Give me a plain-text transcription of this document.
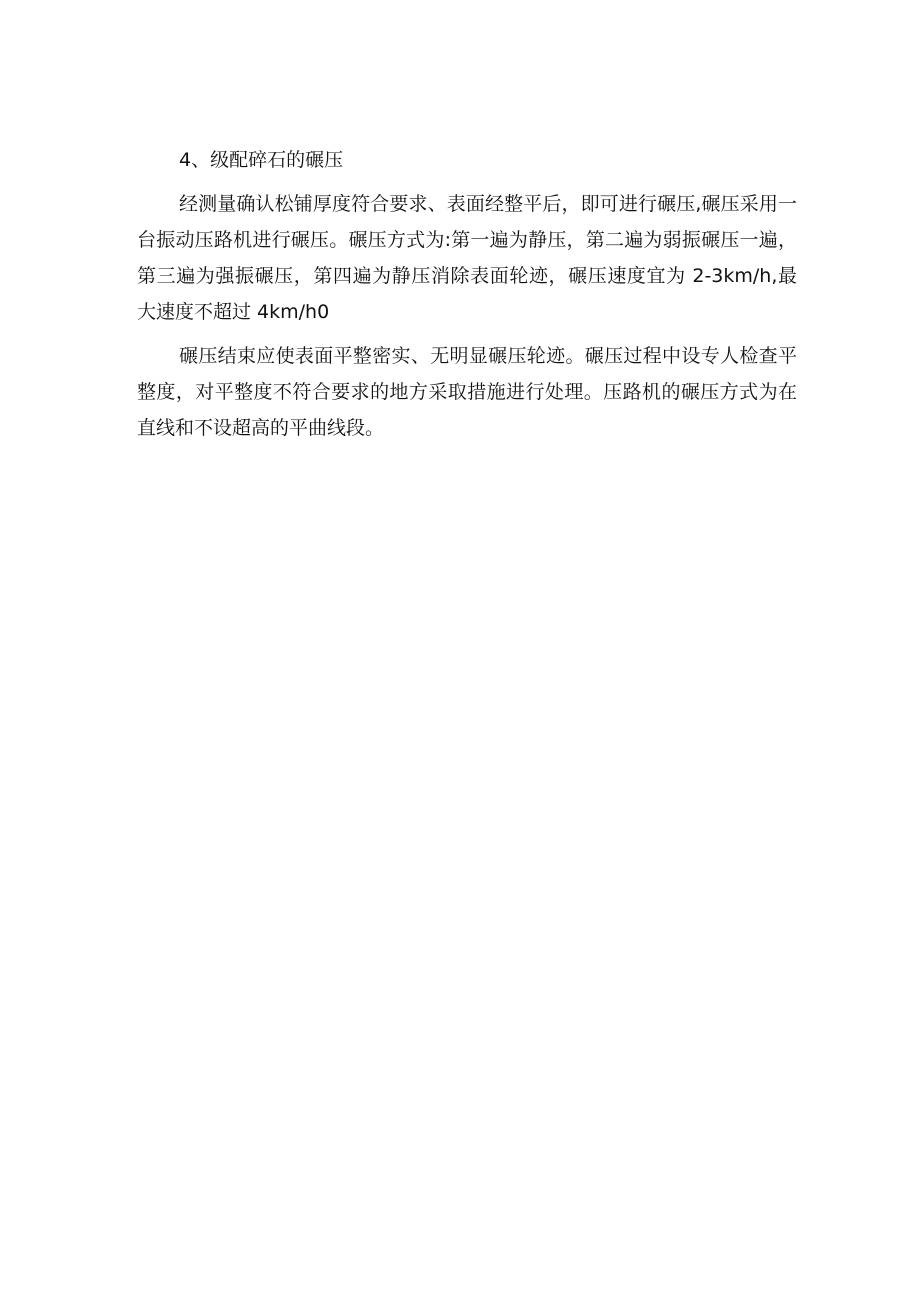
4、级配碎石的碾压

经测量确认松铺厚度符合要求、表面经整平后，即可进行碾压,碾压采用一台振动压路机进行碾压。碾压方式为:第一遍为静压，第二遍为弱振碾压一遍，第三遍为强振碾压，第四遍为静压消除表面轮迹，碾压速度宜为 2-3km/h,最大速度不超过 4km/h0

碾压结束应使表面平整密实、无明显碾压轮迹。碾压过程中设专人检查平整度，对平整度不符合要求的地方采取措施进行处理。压路机的碾压方式为在直线和不设超高的平曲线段。
